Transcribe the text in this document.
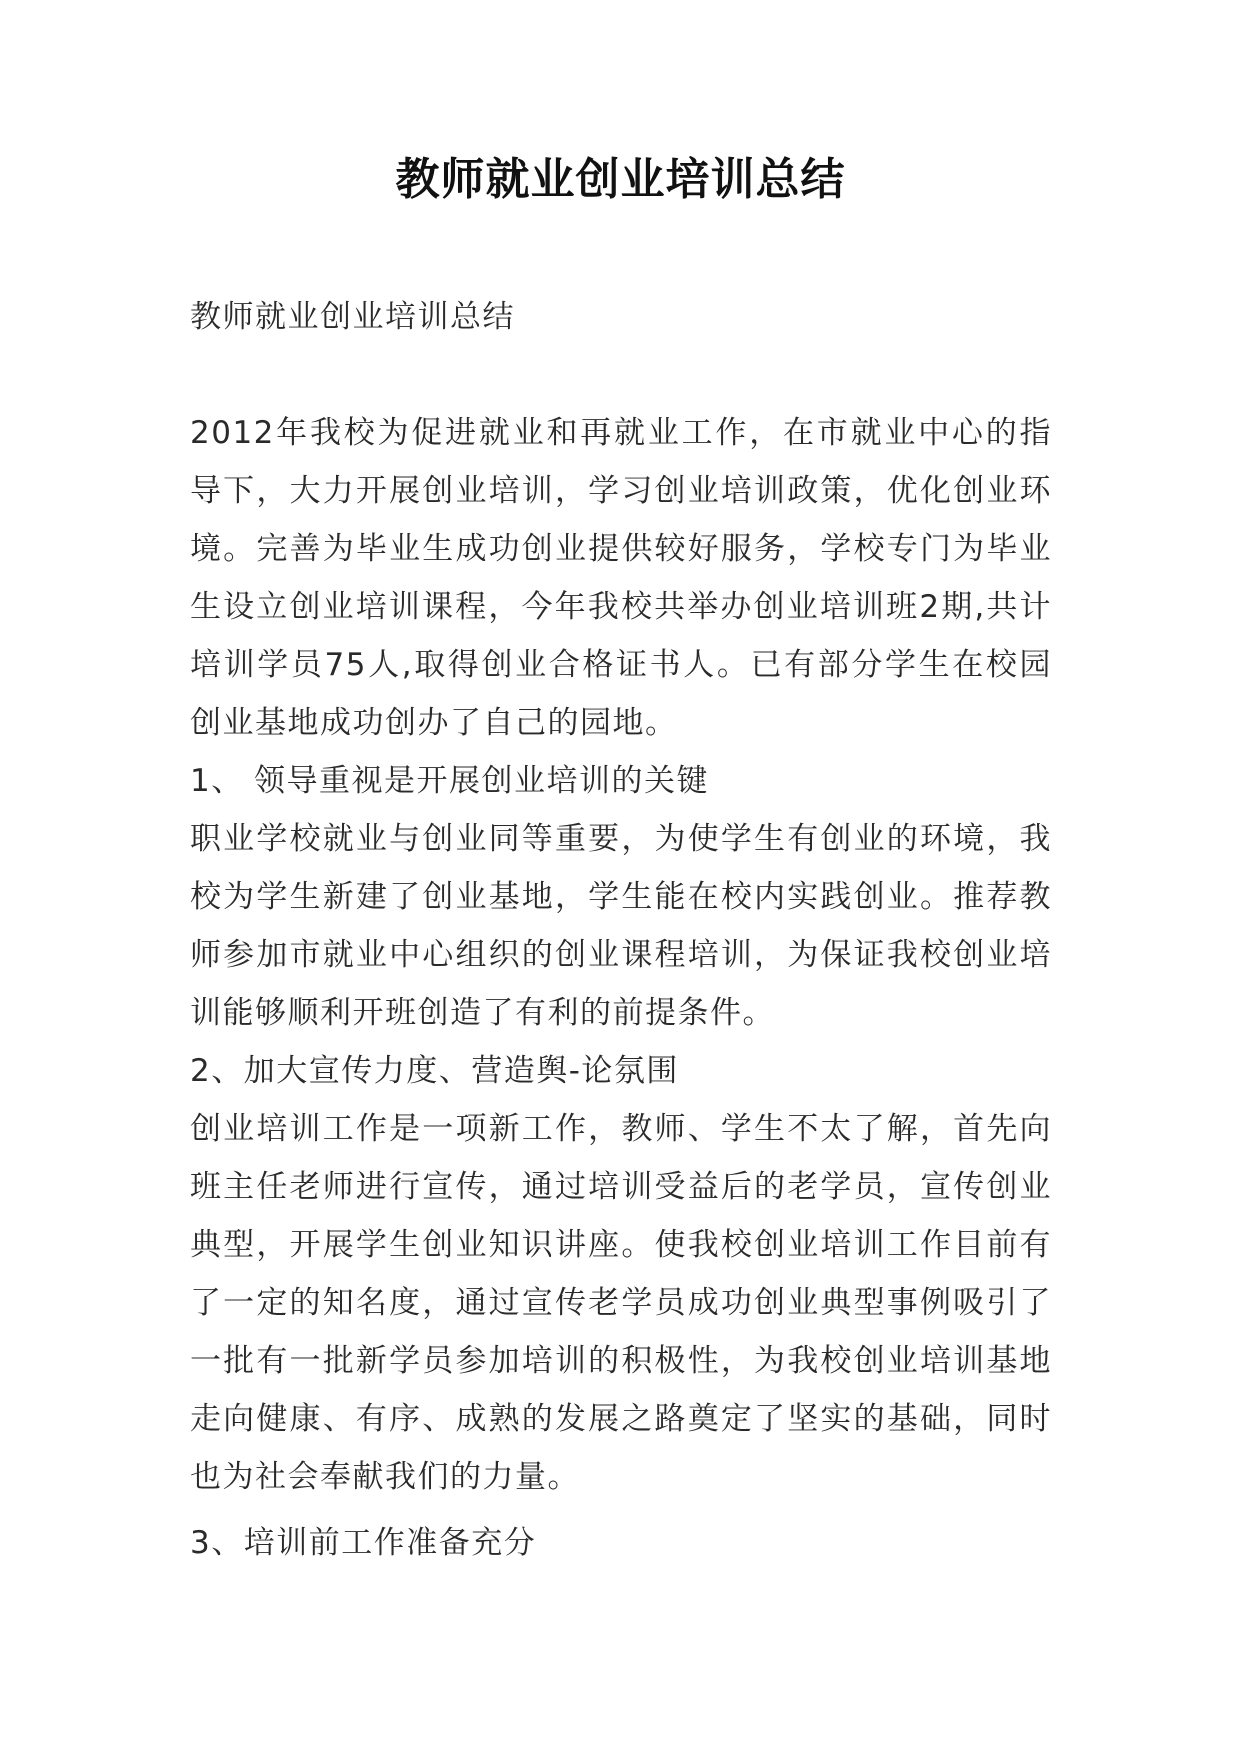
教师就业创业培训总结

教师就业创业培训总结

2012年我校为促进就业和再就业工作，在市就业中心的指导下，大力开展创业培训，学习创业培训政策，优化创业环境。完善为毕业生成功创业提供较好服务，学校专门为毕业生设立创业培训课程，今年我校共举办创业培训班2期,共计培训学员75人,取得创业合格证书人。已有部分学生在校园创业基地成功创办了自己的园地。

1、 领导重视是开展创业培训的关键

职业学校就业与创业同等重要，为使学生有创业的环境，我校为学生新建了创业基地，学生能在校内实践创业。推荐教师参加市就业中心组织的创业课程培训，为保证我校创业培训能够顺利开班创造了有利的前提条件。

2、加大宣传力度、营造舆-论氛围

创业培训工作是一项新工作，教师、学生不太了解，首先向班主任老师进行宣传，通过培训受益后的老学员，宣传创业典型，开展学生创业知识讲座。使我校创业培训工作目前有了一定的知名度，通过宣传老学员成功创业典型事例吸引了一批有一批新学员参加培训的积极性，为我校创业培训基地走向健康、有序、成熟的发展之路奠定了坚实的基础，同时也为社会奉献我们的力量。

3、培训前工作准备充分
